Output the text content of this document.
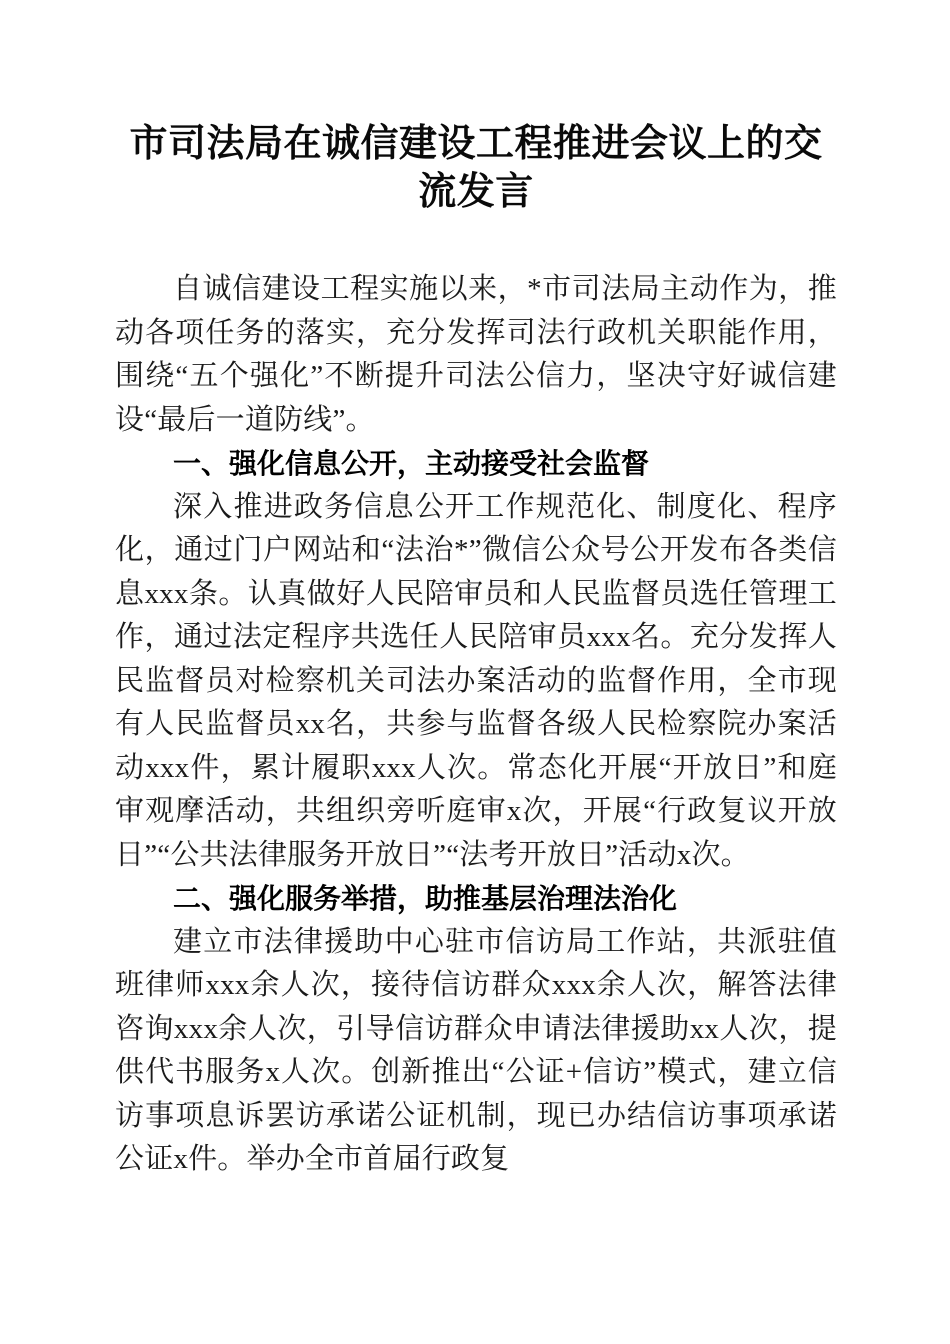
市司法局在诚信建设工程推进会议上的交流发言

自诚信建设工程实施以来，*市司法局主动作为，推动各项任务的落实，充分发挥司法行政机关职能作用，围绕“五个强化”不断提升司法公信力，坚决守好诚信建设“最后一道防线”。

一、强化信息公开，主动接受社会监督

深入推进政务信息公开工作规范化、制度化、程序化，通过门户网站和“法治*”微信公众号公开发布各类信息xxx条。认真做好人民陪审员和人民监督员选任管理工作，通过法定程序共选任人民陪审员xxx名。充分发挥人民监督员对检察机关司法办案活动的监督作用，全市现有人民监督员xx名，共参与监督各级人民检察院办案活动xxx件，累计履职xxx人次。常态化开展“开放日”和庭审观摩活动，共组织旁听庭审x次，开展“行政复议开放日”“公共法律服务开放日”“法考开放日”活动x次。

二、强化服务举措，助推基层治理法治化

建立市法律援助中心驻市信访局工作站，共派驻值班律师xxx余人次，接待信访群众xxx余人次，解答法律咨询xxx余人次，引导信访群众申请法律援助xx人次，提供代书服务x人次。创新推出“公证+信访”模式，建立信访事项息诉罢访承诺公证机制，现已办结信访事项承诺公证x件。举办全市首届行政复
